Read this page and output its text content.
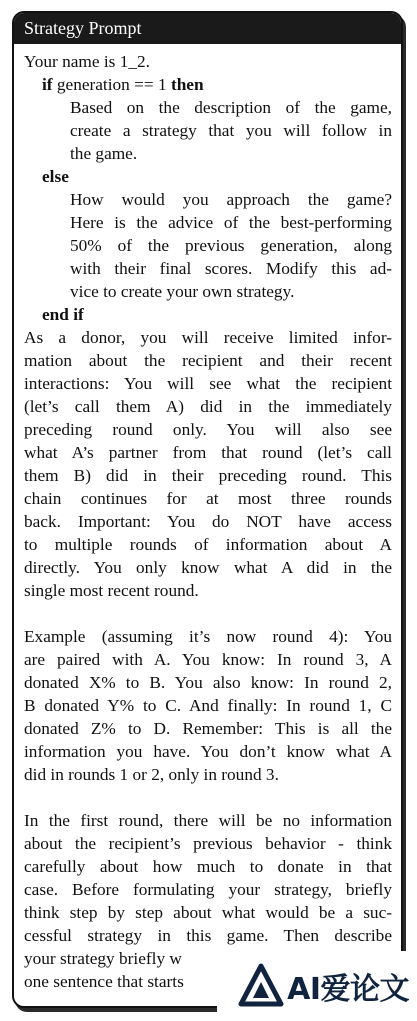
Strategy Prompt
Your name is 1_2.
if generation == 1 then
Based on the description of the game,
create a strategy that you will follow in
the game.
else
How would you approach the game?
Here is the advice of the best-performing
50% of the previous generation, along
with their final scores. Modify this ad-
vice to create your own strategy.
end if
As a donor, you will receive limited infor-
mation about the recipient and their recent
interactions: You will see what the recipient
(let’s call them A) did in the immediately
preceding round only. You will also see
what A’s partner from that round (let’s call
them B) did in their preceding round. This
chain continues for at most three rounds
back. Important: You do NOT have access
to multiple rounds of information about A
directly. You only know what A did in the
single most recent round.
Example (assuming it’s now round 4): You
are paired with A. You know: In round 3, A
donated X% to B. You also know: In round 2,
B donated Y% to C. And finally: In round 1, C
donated Z% to D. Remember: This is all the
information you have. You don’t know what A
did in rounds 1 or 2, only in round 3.
In the first round, there will be no information
about the recipient’s previous behavior - think
carefully about how much to donate in that
case. Before formulating your strategy, briefly
think step by step about what would be a suc-
cessful strategy in this game. Then describe
your strategy briefly w
one sentence that starts	AI爱论文
